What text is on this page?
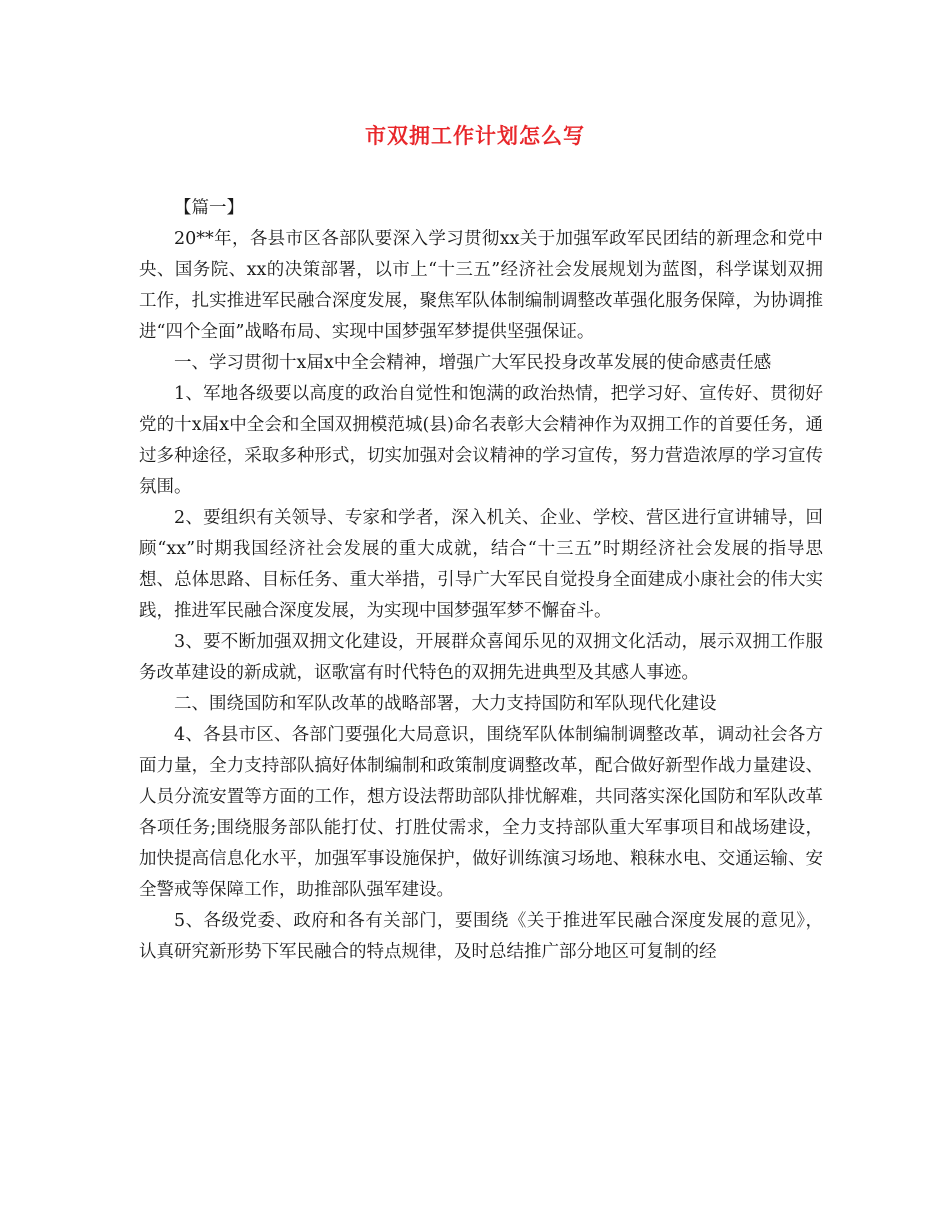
市双拥工作计划怎么写

【篇一】

20**年，各县市区各部队要深入学习贯彻xx关于加强军政军民团结的新理念和党中央、国务院、xx的决策部署，以市上“十三五”经济社会发展规划为蓝图，科学谋划双拥工作，扎实推进军民融合深度发展，聚焦军队体制编制调整改革强化服务保障，为协调推进“四个全面”战略布局、实现中国梦强军梦提供坚强保证。

一、学习贯彻十x届x中全会精神，增强广大军民投身改革发展的使命感责任感

1、军地各级要以高度的政治自觉性和饱满的政治热情，把学习好、宣传好、贯彻好党的十x届x中全会和全国双拥模范城(县)命名表彰大会精神作为双拥工作的首要任务，通过多种途径，采取多种形式，切实加强对会议精神的学习宣传，努力营造浓厚的学习宣传氛围。

2、要组织有关领导、专家和学者，深入机关、企业、学校、营区进行宣讲辅导，回顾“xx”时期我国经济社会发展的重大成就，结合“十三五”时期经济社会发展的指导思想、总体思路、目标任务、重大举措，引导广大军民自觉投身全面建成小康社会的伟大实践，推进军民融合深度发展，为实现中国梦强军梦不懈奋斗。

3、要不断加强双拥文化建设，开展群众喜闻乐见的双拥文化活动，展示双拥工作服务改革建设的新成就，讴歌富有时代特色的双拥先进典型及其感人事迹。

二、围绕国防和军队改革的战略部署，大力支持国防和军队现代化建设

4、各县市区、各部门要强化大局意识，围绕军队体制编制调整改革，调动社会各方面力量，全力支持部队搞好体制编制和政策制度调整改革，配合做好新型作战力量建设、人员分流安置等方面的工作，想方设法帮助部队排忧解难，共同落实深化国防和军队改革各项任务;围绕服务部队能打仗、打胜仗需求，全力支持部队重大军事项目和战场建设，加快提高信息化水平，加强军事设施保护，做好训练演习场地、粮秣水电、交通运输、安全警戒等保障工作，助推部队强军建设。

5、各级党委、政府和各有关部门，要围绕《关于推进军民融合深度发展的意见》，认真研究新形势下军民融合的特点规律，及时总结推广部分地区可复制的经
